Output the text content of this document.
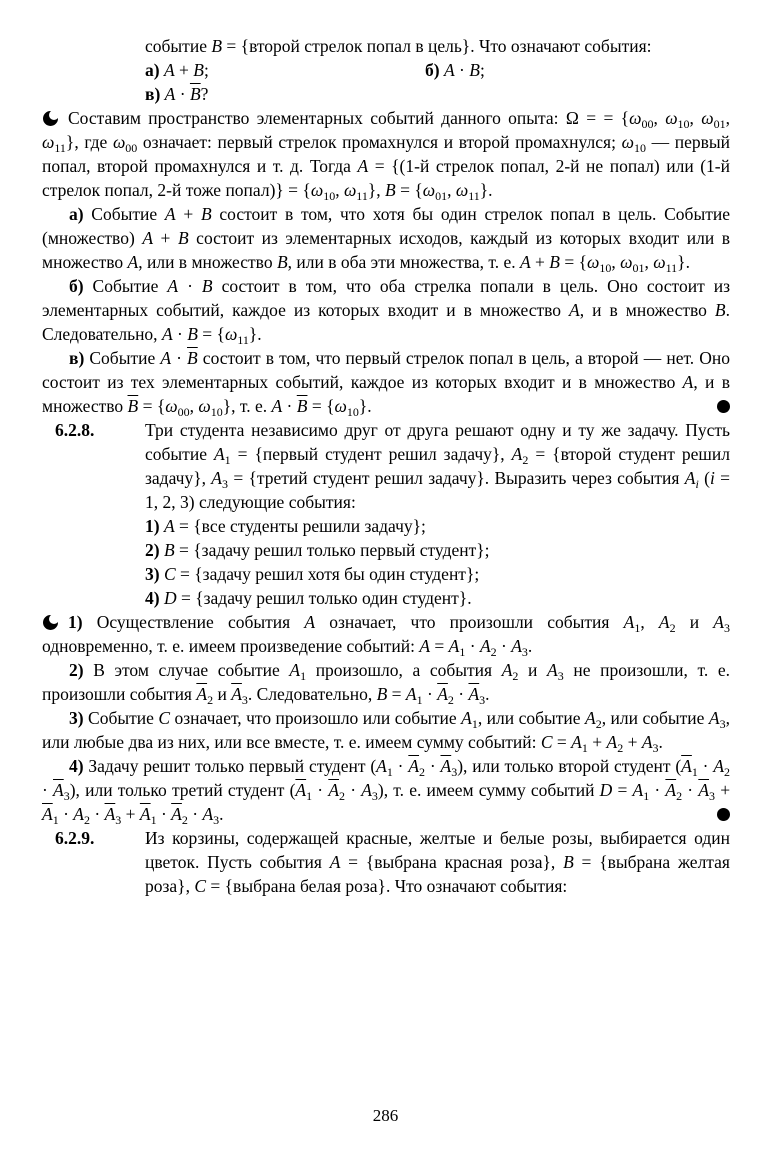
событие B = {второй стрелок попал в цель}. Что означают события:

а) A + B;	б) A · B;

в) $A \cdot \overline{B}$?

Составим пространство элементарных событий данного опыта: Ω = = {$\omega_{00}$, $\omega_{10}$, $\omega_{01}$, $\omega_{11}$}, где $\omega_{00}$ означает: первый стрелок промахнулся и второй промахнулся; $\omega_{10}$ — первый попал, второй промахнулся и т. д. Тогда A = {(1-й стрелок попал, 2-й не попал) или (1-й стрелок попал, 2-й тоже попал)} = {$\omega_{10}$, $\omega_{11}$}, $B = \{\omega_{01}$, $\omega_{11}$}.

а) Событие A + B состоит в том, что хотя бы один стрелок попал в цель. Событие (множество) A + B состоит из элементарных исходов, каждый из которых входит или в множество A, или в множество B, или в оба эти множества, т. е. $A + B = \{\omega_{10}$, $\omega_{01}$, $\omega_{11}$}.

б) Событие A · B состоит в том, что оба стрелка попали в цель. Оно состоит из элементарных событий, каждое из которых входит и в множество A, и в множество B. Следовательно, $A \cdot B = \{\omega_{11}\}$.

в) Событие $A \cdot \overline{B}$ состоит в том, что первый стрелок попал в цель, а второй — нет. Оно состоит из тех элементарных событий, каждое из которых входит и в множество A, и в множество $\overline{B} = \{\omega_{00}$, $\omega_{10}$}, т. е. $A \cdot \overline{B} = \{\omega_{10}\}$.

6.2.8.	Три студента независимо друг от друга решают одну и ту же задачу. Пусть событие $A_1$ = {первый студент решил задачу}, $A_2$ = {второй студент решил задачу}, $A_3$ = {третий студент решил задачу}. Выразить через события $A_i$ (i = 1, 2, 3) следующие события:

1) A = {все студенты решили задачу};

2) B = {задачу решил только первый студент};

3) C = {задачу решил хотя бы один студент};

4) D = {задачу решил только один студент}.

1) Осуществление события A означает, что произошли события $A_1$, $A_2$ и $A_3$ одновременно, т. е. имеем произведение событий: $A = A_1 \cdot A_2 \cdot A_3$.

2) В этом случае событие $A_1$ произошло, а события $A_2$ и $A_3$ не произошли, т. е. произошли события $\overline{A}_2$ и $\overline{A}_3$. Следовательно, $B = A_1 \cdot \overline{A}_2 \cdot \overline{A}_3$.

3) Событие C означает, что произошло или событие $A_1$, или событие $A_2$, или событие $A_3$, или любые два из них, или все вместе, т. е. имеем сумму событий: $C = A_1 + A_2 + A_3$.

4) Задачу решит только первый студент $(A_1 \cdot \overline{A}_2 \cdot \overline{A}_3)$, или только второй студент $(\overline{A}_1 \cdot A_2 \cdot \overline{A}_3)$, или только третий студент $(\overline{A}_1 \cdot \overline{A}_2 \cdot A_3)$, т. е. имеем сумму событий $D = A_1 \cdot \overline{A}_2 \cdot \overline{A}_3 + \overline{A}_1 \cdot A_2 \cdot \overline{A}_3 + \overline{A}_1 \cdot \overline{A}_2 \cdot A_3$.

6.2.9.	Из корзины, содержащей красные, желтые и белые розы, выбирается один цветок. Пусть события A = {выбрана красная роза}, B = {выбрана желтая роза}, C = {выбрана белая роза}. Что означают события:

286
